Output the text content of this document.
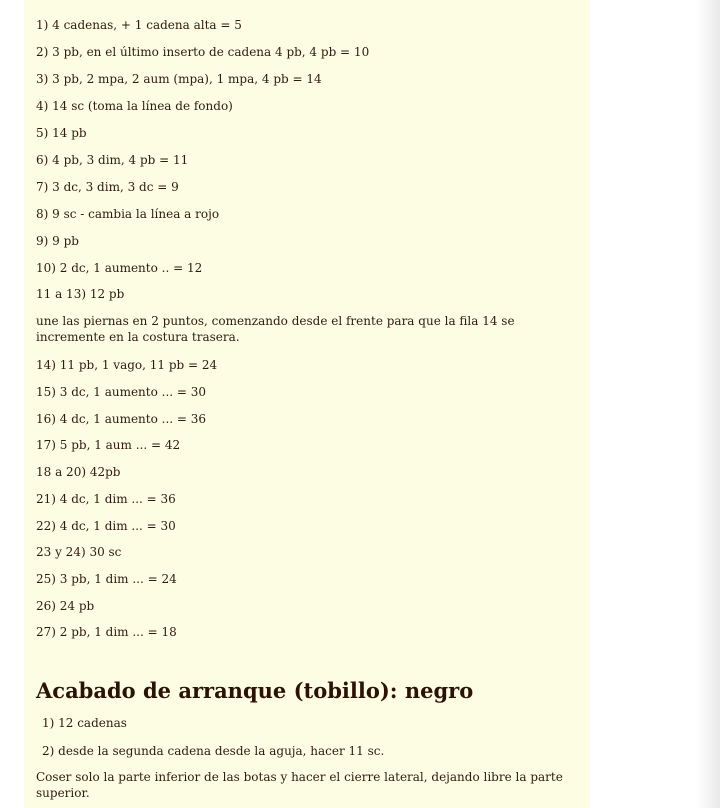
1) 4 cadenas, + 1 cadena alta = 5

2) 3 pb, en el último inserto de cadena 4 pb, 4 pb = 10

3) 3 pb, 2 mpa, 2 aum (mpa), 1 mpa, 4 pb = 14

4) 14 sc (toma la línea de fondo)

5) 14 pb

6) 4 pb, 3 dim, 4 pb = 11

7) 3 dc, 3 dim, 3 dc = 9

8) 9 sc - cambia la línea a rojo

9) 9 pb

10) 2 dc, 1 aumento .. = 12

11 a 13) 12 pb

une las piernas en 2 puntos, comenzando desde el frente para que la fila 14 se incremente en la costura trasera.

14) 11 pb, 1 vago, 11 pb = 24

15) 3 dc, 1 aumento ... = 30

16) 4 dc, 1 aumento ... = 36

17) 5 pb, 1 aum ... = 42

18 a 20) 42pb

21) 4 dc, 1 dim ... = 36

22) 4 dc, 1 dim ... = 30

23 y 24) 30 sc

25) 3 pb, 1 dim ... = 24

26) 24 pb

27) 2 pb, 1 dim ... = 18

Acabado de arranque (tobillo): negro

1) 12 cadenas

2) desde la segunda cadena desde la aguja, hacer 11 sc.

Coser solo la parte inferior de las botas y hacer el cierre lateral, dejando libre la parte superior.
